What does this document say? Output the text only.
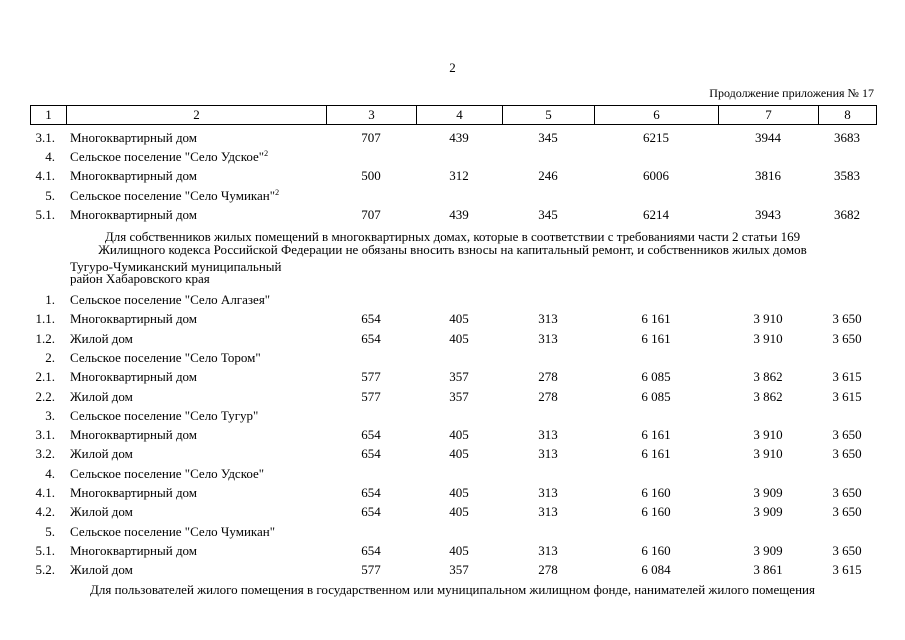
2
Продолжение приложения № 17
1	2	3	4	5	6	7	8
3.1. Многоквартирный дом	707	439	345	6215	3944	3683
4. Сельское поселение "Село Удское"$^2$
4.1. Многоквартирный дом	500	312	246	6006	3816	3583
5. Сельское поселение "Село Чумикан"$^2$
5.1. Многоквартирный дом	707	439	345	6214	3943	3682
Для собственников жилых помещений в многоквартирных домах, которые в соответствии с требованиями части 2 статьи 169
Жилищного кодекса Российской Федерации не обязаны вносить взносы на капитальный ремонт, и собственников жилых домов
Тугуро-Чумиканский муниципальный
район Хабаровского края
1. Сельское поселение "Село Алгазея"
1.1. Многоквартирный дом	654	405	313	6 161	3 910	3 650
1.2. Жилой дом	654	405	313	6 161	3 910	3 650
2. Сельское поселение "Село Тором"
2.1. Многоквартирный дом	577	357	278	6 085	3 862	3 615
2.2. Жилой дом	577	357	278	6 085	3 862	3 615
3. Сельское поселение "Село Тугур"
3.1. Многоквартирный дом	654	405	313	6 161	3 910	3 650
3.2. Жилой дом	654	405	313	6 161	3 910	3 650
4. Сельское поселение "Село Удское"
4.1. Многоквартирный дом	654	405	313	6 160	3 909	3 650
4.2. Жилой дом	654	405	313	6 160	3 909	3 650
5. Сельское поселение "Село Чумикан"
5.1. Многоквартирный дом	654	405	313	6 160	3 909	3 650
5.2. Жилой дом	577	357	278	6 084	3 861	3 615
Для пользователей жилого помещения в государственном или муниципальном жилищном фонде, нанимателей жилого помещения
